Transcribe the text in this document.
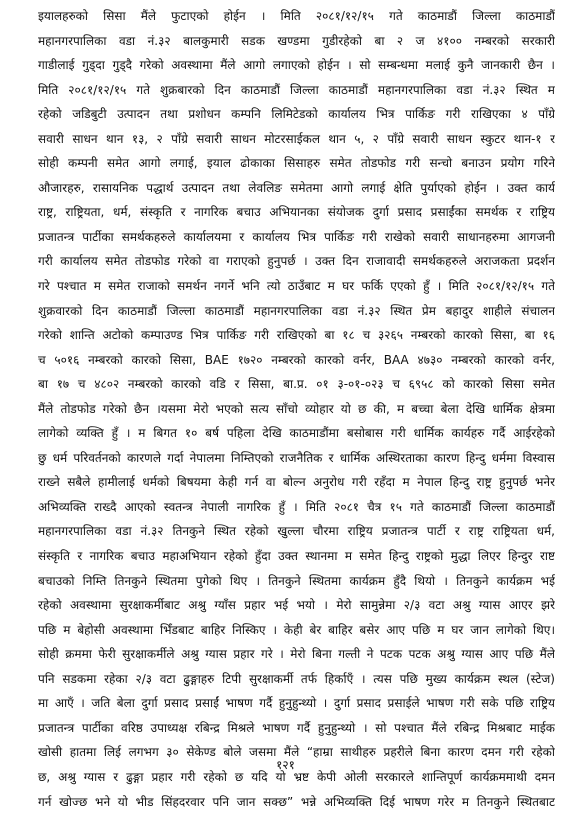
इयालहरुको सिसा मैंले फुटाएको होईन । मिति २०८१/१२/१५ गते काठमाडौं जिल्ला काठमाडौं
महानगरपालिका वडा नं.३२ बालकुमारी सडक खण्डमा गुडीरहेको बा २ ज ४१०० नम्बरको सरकारी
गाडीलाई गुड्दा गुड्दै गरेको अवस्थामा मैंले आगो लगाएको होईन । सो सम्बन्धमा मलाई कुनै जानकारी छैन ।
मिति २०८१/१२/१५ गते शुक्रबारको दिन काठमाडौं जिल्ला काठमाडौं महानगरपालिका वडा नं.३२ स्थित म
रहेको जडिबुटी उत्पादन तथा प्रशोधन कम्पनि लिमिटेडको कार्यालय भित्र पार्किङ गरी राखिएका ४ पाँग्रे
सवारी साधन थान १३, २ पाँग्रे सवारी साधन मोटरसाईकल थान ५, २ पाँग्रे सवारी साधन स्कुटर थान-१ र
सोही कम्पनी समेत आगो लगाई, इयाल ढोकाका सिसाहरु समेत तोडफोड गरी सन्चो बनाउन प्रयोग गरिने
औजारहरु, रासायनिक पद्धार्थ उत्पादन तथा लेवलिङ समेतमा आगो लगाई क्षेति पुर्याएको होईन । उक्त कार्य
राष्ट्र, राष्ट्रियता, धर्म, संस्कृति र नागरिक बचाउ अभियानका संयोजक दुर्गा प्रसाद प्रसाईंका समर्थक र राष्ट्रिय
प्रजातन्त्र पार्टीका समर्थकहरुले कार्यालयमा र कार्यालय भित्र पार्किङ गरी राखेको सवारी साधानहरुमा आगजनी
गरी कार्यालय समेत तोडफोड गरेको वा गराएको हुनुपर्छ । उक्त दिन राजावादी समर्थकहरुले अराजकता प्रदर्शन
गरे पश्चात म समेत राजाको समर्थन नगर्ने भनि त्यो ठाउँबाट म घर फर्कि एएको हुँ । मिति २०८१/१२/१५ गते
शुक्रवारको दिन काठमाडौं जिल्ला काठमाडौं महानगरपालिका वडा नं.३२ स्थित प्रेम बहादुर शाहीले संचालन
गरेको शान्ति अटोको कम्पाउण्ड भित्र पार्किङ गरी राखिएको बा १८ च ३२६५ नम्बरको कारको सिसा, बा १६
च ५०१६ नम्बरको कारको सिसा, BAE १७२० नम्बरको कारको वर्नर, BAA ४७३० नम्बरको कारको वर्नर,
बा १७ च ४८०२ नम्बरको कारको वडि र सिसा, बा.प्र. ०१ ३-०१-०२३ च ६९५८ को कारको सिसा समेत
मैंले तोडफोड गरेको छैन ।यसमा मेरो भएको सत्य साँचो व्योहार यो छ की, म बच्चा बेला देखि धार्मिक क्षेत्रमा
लागेको व्यक्ति हुँ । म बिगत १० बर्ष पहिला देखि काठमाडौंमा बसोबास गरी धार्मिक कार्यहरु गर्दै आईरहेको
छु धर्म परिवर्तनको कारणले गर्दा नेपालमा निम्तिएको राजनैतिक र धार्मिक अस्थिरताका कारण हिन्दु धर्ममा विस्वास
राख्ने सबैले हामीलाई धर्मको बिषयमा केही गर्न वा बोल्न अनुरोध गरी रहँदा म नेपाल हिन्दु राष्ट्र हुनुपर्छ भनेर
अभिव्यक्ति राख्दै आएको स्वतन्त्र नेपाली नागरिक हुँ । मिति २०८१ चैत्र १५ गते काठमाडौं जिल्ला काठमाडौं
महानगरपालिका वडा नं.३२ तिनकुने स्थित रहेको खुल्ला चौरमा राष्ट्रिय प्रजातन्त्र पार्टी र राष्ट्र राष्ट्रियता धर्म,
संस्कृति र नागरिक बचाउ महाअभियान रहेको हुँदा उक्त स्थानमा म समेत हिन्दु राष्ट्रको मुद्धा लिएर हिन्दुर राष्ट
बचाउको निम्ति तिनकुने स्थितमा पुगेको थिए । तिनकुने स्थितमा कार्यक्रम हुँदै थियो । तिनकुने कार्यक्रम भई
रहेको अवस्थामा सुरक्षाकर्मीबाट अश्रु ग्याँस प्रहार भई भयो । मेरो सामुन्नेमा २/३ वटा अश्रु ग्यास आएर झरे
पछि म बेहोसी अवस्थामा भिँडबाट बाहिर निस्किए । केही बेर बाहिर बसेर आए पछि म घर जान लागेको थिए।
सोही क्रममा फेरी सुरक्षाकर्मीले अश्रु ग्यास प्रहार गरे । मेरो बिना गल्ती ने पटक पटक अश्रु ग्यास आए पछि मैंले
पनि सडकमा रहेका २/३ वटा ढुङ्गाहरु टिपी सुरक्षाकर्मी तर्फ हिर्काएँ । त्यस पछि मुख्य कार्यक्रम स्थल (स्टेज)
मा आएँ । जति बेला दुर्गा प्रसाद प्रसाईं भाषण गर्दै हुनुहुन्थ्यो । दुर्गा प्रसाद प्रसाईले भाषण गरी सके पछि राष्ट्रिय
प्रजातन्त्र पार्टीका वरिष्ठ उपाध्यक्ष रबिन्द्र मिश्रले भाषण गर्दै हुनुहुन्थ्यो । सो पश्चात मैंले रबिन्द्र मिश्रबाट माईक
खोसी हातमा लिई लगभग ३० सेकेण्ड बोले जसमा मैंले “हाम्रा साथीहरु प्रहरीले बिना कारण दमन गरी रहेको
छ, अश्रु ग्यास र ढुङ्गा प्रहार गरी रहेको छ यदि यो भ्रष्ट केपी ओली सरकारले शान्तिपूर्ण कार्यक्रममाथी दमन
गर्न खोज्छ भने यो भीड सिंहदरवार पनि जान सक्छ” भन्ने अभिव्यक्ति दिई भाषण गरेर म तिनकुने स्थितबाट
१२१
